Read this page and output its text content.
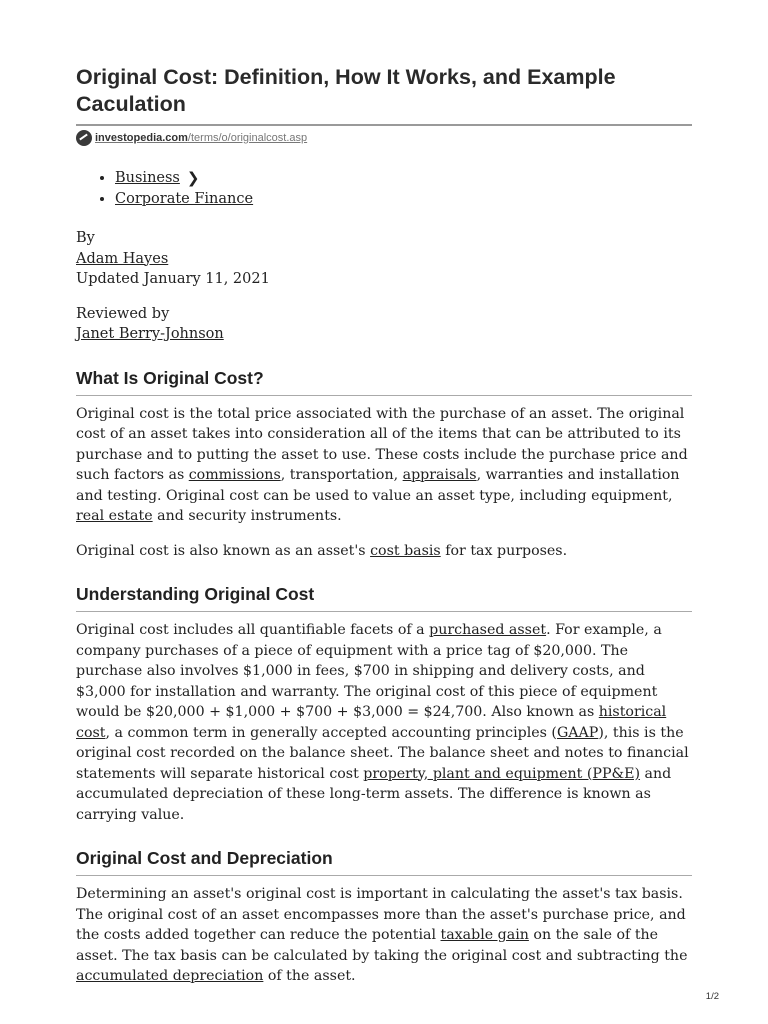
Original Cost: Definition, How It Works, and Example Caculation
investopedia.com/terms/o/originalcost.asp
• Business ❯
• Corporate Finance
By
Adam Hayes
Updated January 11, 2021
Reviewed by
Janet Berry-Johnson
What Is Original Cost?

Original cost is the total price associated with the purchase of an asset. The original cost of an asset takes into consideration all of the items that can be attributed to its purchase and to putting the asset to use. These costs include the purchase price and such factors as commissions, transportation, appraisals, warranties and installation and testing. Original cost can be used to value an asset type, including equipment, real estate and security instruments.

Original cost is also known as an asset's cost basis for tax purposes.

Understanding Original Cost

Original cost includes all quantifiable facets of a purchased asset. For example, a company purchases of a piece of equipment with a price tag of $20,000. The purchase also involves $1,000 in fees, $700 in shipping and delivery costs, and $3,000 for installation and warranty. The original cost of this piece of equipment would be $20,000 + $1,000 + $700 + $3,000 = $24,700. Also known as historical cost, a common term in generally accepted accounting principles (GAAP), this is the original cost recorded on the balance sheet. The balance sheet and notes to financial statements will separate historical cost property, plant and equipment (PP&E) and accumulated depreciation of these long-term assets. The difference is known as carrying value.

Original Cost and Depreciation

Determining an asset's original cost is important in calculating the asset's tax basis. The original cost of an asset encompasses more than the asset's purchase price, and the costs added together can reduce the potential taxable gain on the sale of the asset. The tax basis can be calculated by taking the original cost and subtracting the accumulated depreciation of the asset.

1/2
